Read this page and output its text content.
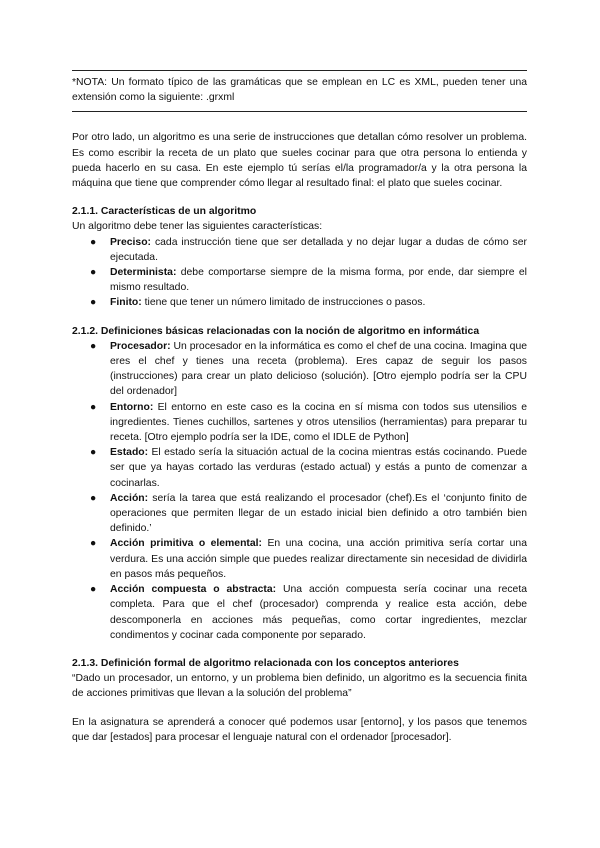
*NOTA: Un formato típico de las gramáticas que se emplean en LC es XML, pueden tener una extensión como la siguiente: .grxml

Por otro lado, un algoritmo es una serie de instrucciones que detallan cómo resolver un problema. Es como escribir la receta de un plato que sueles cocinar para que otra persona lo entienda y pueda hacerlo en su casa. En este ejemplo tú serías el/la programador/a y la otra persona la máquina que tiene que comprender cómo llegar al resultado final: el plato que sueles cocinar.

2.1.1. Características de un algoritmo

Un algoritmo debe tener las siguientes características:

● Preciso: cada instrucción tiene que ser detallada y no dejar lugar a dudas de cómo ser ejecutada.
● Determinista: debe comportarse siempre de la misma forma, por ende, dar siempre el mismo resultado.
● Finito: tiene que tener un número limitado de instrucciones o pasos.

2.1.2. Definiciones básicas relacionadas con la noción de algoritmo en informática

● Procesador: Un procesador en la informática es como el chef de una cocina. Imagina que eres el chef y tienes una receta (problema). Eres capaz de seguir los pasos (instrucciones) para crear un plato delicioso (solución). [Otro ejemplo podría ser la CPU del ordenador]
● Entorno: El entorno en este caso es la cocina en sí misma con todos sus utensilios e ingredientes. Tienes cuchillos, sartenes y otros utensilios (herramientas) para preparar tu receta. [Otro ejemplo podría ser la IDE, como el IDLE de Python]
● Estado: El estado sería la situación actual de la cocina mientras estás cocinando. Puede ser que ya hayas cortado las verduras (estado actual) y estás a punto de comenzar a cocinarlas.
● Acción: sería la tarea que está realizando el procesador (chef).Es el ‘conjunto finito de operaciones que permiten llegar de un estado inicial bien definido a otro también bien definido.’
● Acción primitiva o elemental: En una cocina, una acción primitiva sería cortar una verdura. Es una acción simple que puedes realizar directamente sin necesidad de dividirla en pasos más pequeños.
● Acción compuesta o abstracta: Una acción compuesta sería cocinar una receta completa. Para que el chef (procesador) comprenda y realice esta acción, debe descomponerla en acciones más pequeñas, como cortar ingredientes, mezclar condimentos y cocinar cada componente por separado.

2.1.3. Definición formal de algoritmo relacionada con los conceptos anteriores

“Dado un procesador, un entorno, y un problema bien definido, un algoritmo es la secuencia finita de acciones primitivas que llevan a la solución del problema”

En la asignatura se aprenderá a conocer qué podemos usar [entorno], y los pasos que tenemos que dar [estados] para procesar el lenguaje natural con el ordenador [procesador].
